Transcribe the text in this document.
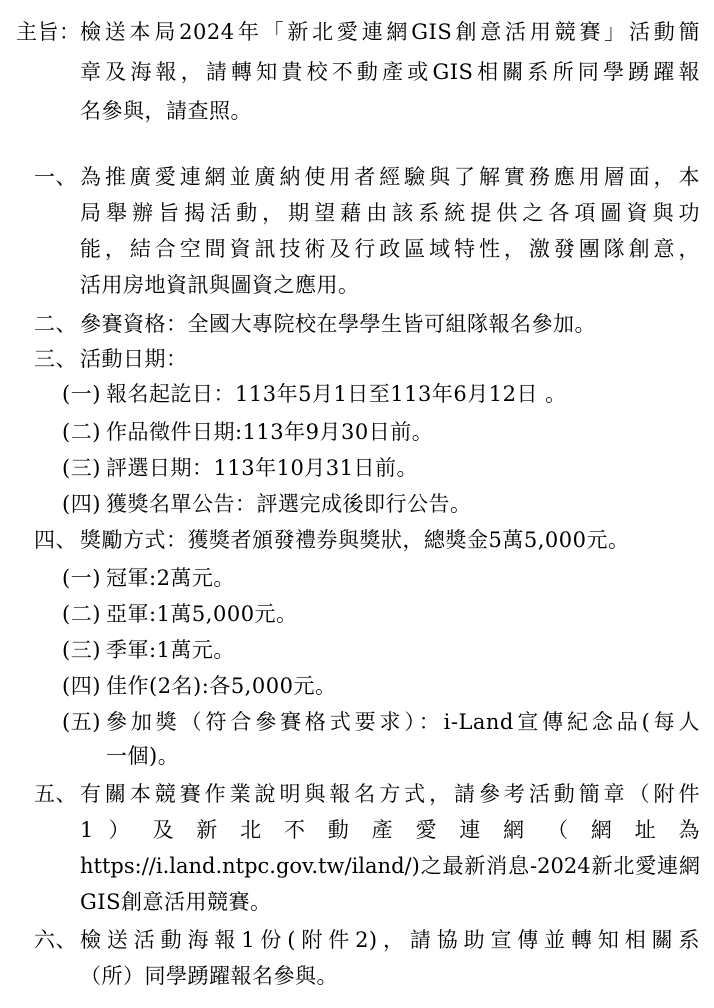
主旨： 檢送本局2024年「新北愛連網GIS創意活用競賽」活動簡
章及海報，請轉知貴校不動產或GIS相關系所同學踴躍報
名參與，請查照。
一、 為推廣愛連網並廣納使用者經驗與了解實務應用層面，本
局舉辦旨揭活動，期望藉由該系統提供之各項圖資與功
能，結合空間資訊技術及行政區域特性，激發團隊創意，
活用房地資訊與圖資之應用。
二、 參賽資格：全國大專院校在學學生皆可組隊報名參加。
三、 活動日期：
(一) 報名起訖日：113年5月1日至113年6月12日 。
(二) 作品徵件日期:113年9月30日前。
(三) 評選日期：113年10月31日前。
(四) 獲獎名單公告：評選完成後即行公告。
四、 獎勵方式：獲獎者頒發禮券與獎狀，總獎金5萬5,000元。
(一) 冠軍:2萬元。
(二) 亞軍:1萬5,000元。
(三) 季軍:1萬元。
(四) 佳作(2名):各5,000元。
(五) 參加獎（符合參賽格式要求）：i-Land宣傳紀念品(每人
一個)。
五、 有關本競賽作業說明與報名方式，請參考活動簡章（附件
1 ） 及 新 北 不 動 產 愛 連 網 （ 網 址 為
https://i.land.ntpc.gov.tw/iland/)之最新消息-2024新北愛連網
GIS創意活用競賽。
六、 檢送活動海報1份(附件2)，請協助宣傳並轉知相關系
（所）同學踴躍報名參與。
